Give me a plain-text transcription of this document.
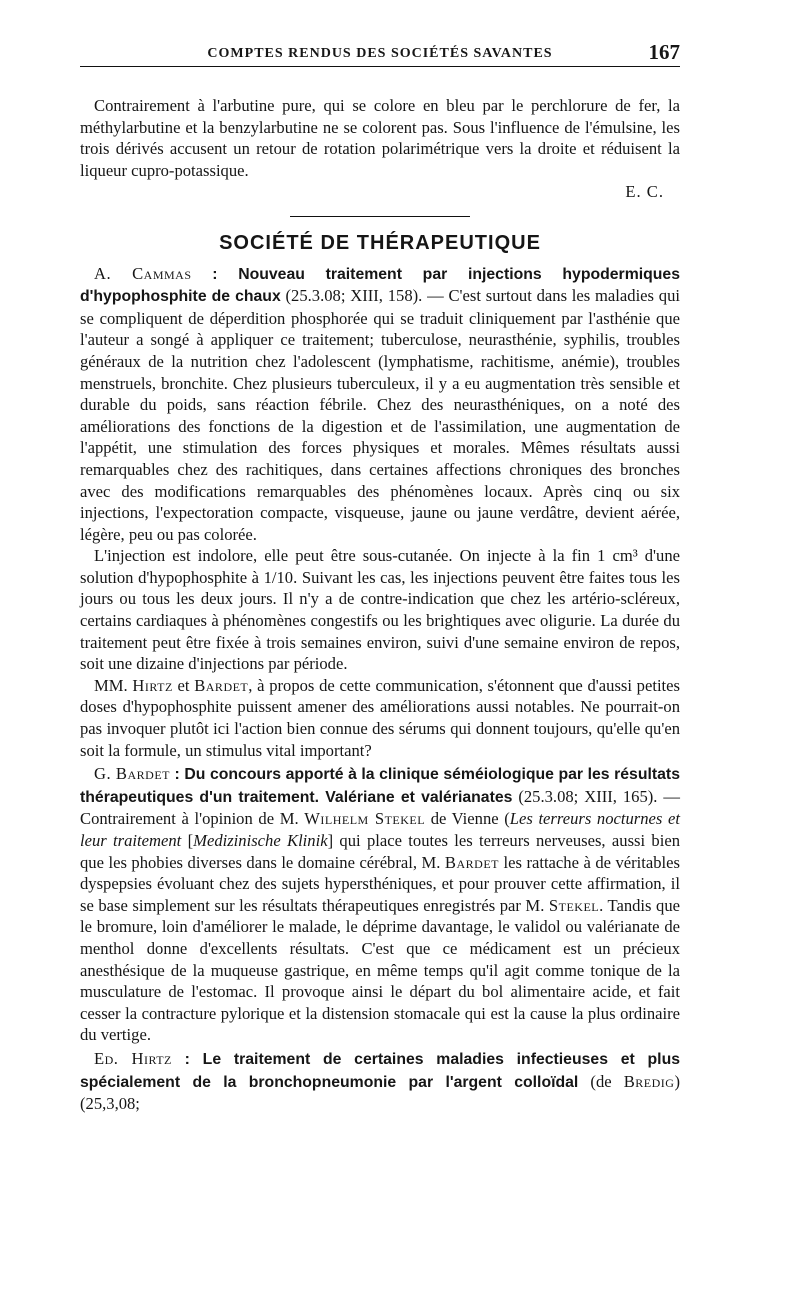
COMPTES RENDUS DES SOCIÉTÉS SAVANTES	167

Contrairement à l'arbutine pure, qui se colore en bleu par le perchlorure de fer, la méthylarbutine et la benzylarbutine ne se colorent pas. Sous l'influence de l'émulsine, les trois dérivés accusent un retour de rotation polarimétrique vers la droite et réduisent la liqueur cupro-potassique.

E. C.

SOCIÉTÉ DE THÉRAPEUTIQUE

A. Cammas : Nouveau traitement par injections hypodermiques d'hypophosphite de chaux (25.3.08; XIII, 158). — C'est surtout dans les maladies qui se compliquent de déperdition phosphorée qui se traduit cliniquement par l'asthénie que l'auteur a songé à appliquer ce traitement; tuberculose, neurasthénie, syphilis, troubles généraux de la nutrition chez l'adolescent (lymphatisme, rachitisme, anémie), troubles menstruels, bronchite. Chez plusieurs tuberculeux, il y a eu augmentation très sensible et durable du poids, sans réaction fébrile. Chez des neurasthéniques, on a noté des améliorations des fonctions de la digestion et de l'assimilation, une augmentation de l'appétit, une stimulation des forces physiques et morales. Mêmes résultats aussi remarquables chez des rachitiques, dans certaines affections chroniques des bronches avec des modifications remarquables des phénomènes locaux. Après cinq ou six injections, l'expectoration compacte, visqueuse, jaune ou jaune verdâtre, devient aérée, légère, peu ou pas colorée.

L'injection est indolore, elle peut être sous-cutanée. On injecte à la fin 1 cm³ d'une solution d'hypophosphite à 1/10. Suivant les cas, les injections peuvent être faites tous les jours ou tous les deux jours. Il n'y a de contre-indication que chez les artério-scléreux, certains cardiaques à phénomènes congestifs ou les brightiques avec oligurie. La durée du traitement peut être fixée à trois semaines environ, suivi d'une semaine environ de repos, soit une dizaine d'injections par période.

MM. Hirtz et Bardet, à propos de cette communication, s'étonnent que d'aussi petites doses d'hypophosphite puissent amener des améliorations aussi notables. Ne pourrait-on pas invoquer plutôt ici l'action bien connue des sérums qui donnent toujours, qu'elle qu'en soit la formule, un stimulus vital important?

G. Bardet : Du concours apporté à la clinique séméiologique par les résultats thérapeutiques d'un traitement. Valériane et valérianates (25.3.08; XIII, 165). — Contrairement à l'opinion de M. Wilhelm Stekel de Vienne (Les terreurs nocturnes et leur traitement [Medizinische Klinik] qui place toutes les terreurs nerveuses, aussi bien que les phobies diverses dans le domaine cérébral, M. Bardet les rattache à de véritables dyspepsies évoluant chez des sujets hypersthéniques, et pour prouver cette affirmation, il se base simplement sur les résultats thérapeutiques enregistrés par M. Stekel. Tandis que le bromure, loin d'améliorer le malade, le déprime davantage, le validol ou valérianate de menthol donne d'excellents résultats. C'est que ce médicament est un précieux anesthésique de la muqueuse gastrique, en même temps qu'il agit comme tonique de la musculature de l'estomac. Il provoque ainsi le départ du bol alimentaire acide, et fait cesser la contracture pylorique et la distension stomacale qui est la cause la plus ordinaire du vertige.

Ed. Hirtz : Le traitement de certaines maladies infectieuses et plus spécialement de la bronchopneumonie par l'argent colloïdal (de Bredig) (25,3,08;
